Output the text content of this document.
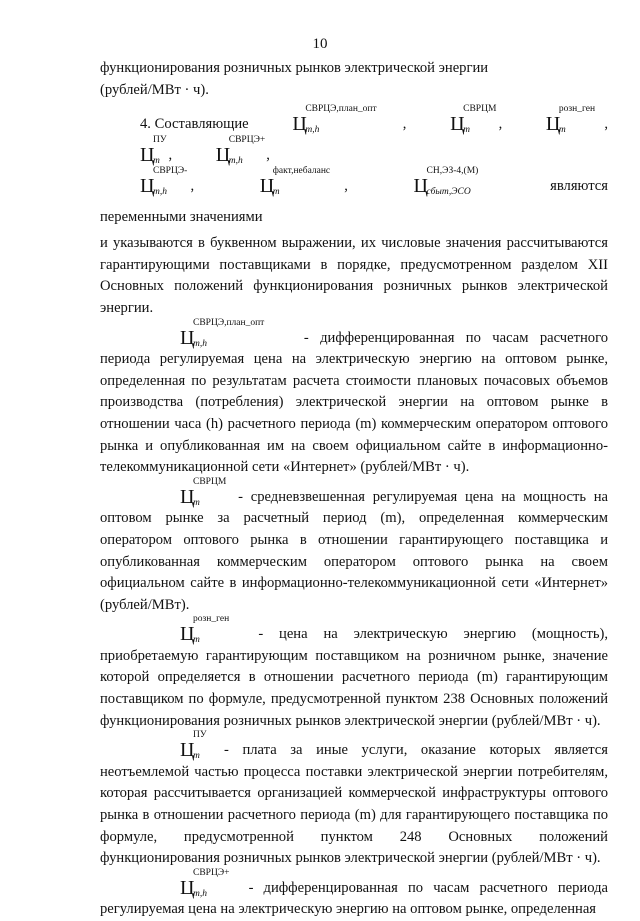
10

функционирования розничных рынков электрической энергии
(рублей/МВт · ч).

4. Составляющие Ц
СВРЦЭ,план_опт
m,h	, Ц
СВРЦМ
m , Ц
розн_ген
m	, Ц
ПУ
m , Ц
СВРЦЭ+
m,h ,
Ц
СВРЦЭ-
m,h ,  Ц
факт,небаланс
m	,  Ц
СН,ЭЗ-4,(М)
сбыт,ЭСО	являются переменными значениями

и указываются в буквенном выражении, их числовые значения рассчитываются гарантирующими поставщиками в порядке, предусмотренном разделом XII Основных положений функционирования розничных рынков электрической энергии.

Ц
СВРЦЭ,план_опт
m,h	- дифференцированная по часам расчетного периода регулируемая цена на электрическую энергию на оптовом рынке, определенная по результатам расчета стоимости плановых почасовых объемов производства (потребления) электрической энергии на оптовом рынке в отношении часа (h) расчетного периода (m) коммерческим оператором оптового рынка и опубликованная им на своем официальном сайте в информационно-телекоммуникационной сети «Интернет» (рублей/МВт · ч).

Ц
СВРЦМ
m	- средневзвешенная регулируемая цена на мощность на оптовом рынке за расчетный период (m), определенная коммерческим оператором оптового рынка в отношении гарантирующего поставщика и опубликованная коммерческим оператором оптового рынка на своем официальном сайте в информационно-телекоммуникационной сети «Интернет» (рублей/МВт).

Ц
розн_ген
m	- цена на электрическую энергию (мощность), приобретаемую гарантирующим поставщиком на розничном рынке, значение которой определяется в отношении расчетного периода (m) гарантирующим поставщиком по формуле, предусмотренной пунктом 238 Основных положений функционирования розничных рынков электрической энергии (рублей/МВт · ч).

Ц
ПУ
m - плата за иные услуги, оказание которых является неотъемлемой частью процесса поставки электрической энергии потребителям, которая рассчитывается организацией коммерческой инфраструктуры оптового рынка в отношении расчетного периода (m) для гарантирующего поставщика по формуле, предусмотренной пунктом 248 Основных положений функционирования розничных рынков электрической энергии (рублей/МВт · ч).

Ц
СВРЦЭ+
m,h	- дифференцированная по часам расчетного периода регулируемая цена на электрическую энергию на оптовом рынке, определенная
